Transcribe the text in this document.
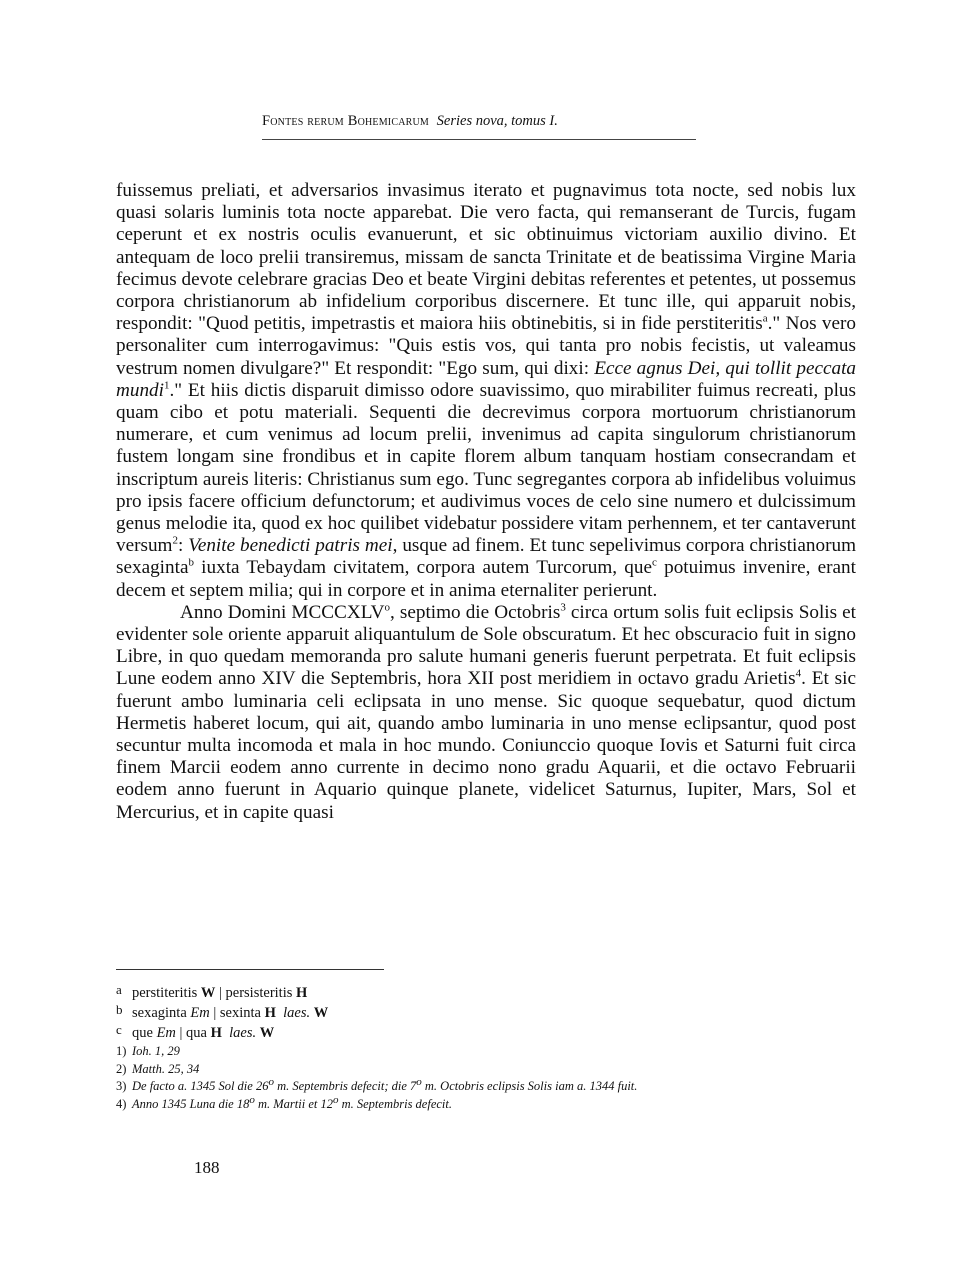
Fontes rerum Bohemicarum Series nova, tomus I.

fuissemus preliati, et adversarios invasimus iterato et pugnavimus tota nocte, sed nobis lux quasi solaris luminis tota nocte apparebat. Die vero facta, qui remanserant de Turcis, fugam ceperunt et ex nostris oculis evanuerunt, et sic obtinuimus victoriam auxilio divino. Et antequam de loco prelii transiremus, missam de sancta Trinitate et de beatissima Virgine Maria fecimus devote celebrare gracias Deo et beate Virgini debitas referentes et petentes, ut possemus corpora christianorum ab infidelium corporibus discernere. Et tunc ille, qui apparuit nobis, respondit: "Quod petitis, impetrastis et maiora hiis obtinebitis, si in fide perstiteritis$^a$." Nos vero personaliter cum interrogavimus: "Quis estis vos, qui tanta pro nobis fecistis, ut valeamus vestrum nomen divulgare?" Et respondit: "Ego sum, qui dixi: Ecce agnus Dei, qui tollit peccata mundi$^1$." Et hiis dictis disparuit dimisso odore suavissimo, quo mirabiliter fuimus recreati, plus quam cibo et potu materiali. Sequenti die decrevimus corpora mortuorum christianorum numerare, et cum venimus ad locum prelii, invenimus ad capita singulorum christianorum fustem longam sine frondibus et in capite florem album tanquam hostiam consecrandam et inscriptum aureis literis: Christianus sum ego. Tunc segregantes corpora ab infidelibus voluimus pro ipsis facere officium defunctorum; et audivimus voces de celo sine numero et dulcissimum genus melodie ita, quod ex hoc quilibet videbatur possidere vitam perhennem, et ter cantaverunt versum$^2$: Venite benedicti patris mei, usque ad finem. Et tunc sepelivimus corpora christianorum sexaginta$^b$ iuxta Tebaydam civitatem, corpora autem Turcorum, que$^c$ potuimus invenire, erant decem et septem milia; qui in corpore et in anima eternaliter perierunt.

Anno Domini MCCCXLV$^o$, septimo die Octobris$^3$ circa ortum solis fuit eclipsis Solis et evidenter sole oriente apparuit aliquantulum de Sole obscuratum. Et hec obscuracio fuit in signo Libre, in quo quedam memoranda pro salute humani generis fuerunt perpetrata. Et fuit eclipsis Lune eodem anno XIV die Septembris, hora XII post meridiem in octavo gradu Arietis$^4$. Et sic fuerunt ambo luminaria celi eclipsata in uno mense. Sic quoque sequebatur, quod dictum Hermetis haberet locum, qui ait, quando ambo luminaria in uno mense eclipsantur, quod post secuntur multa incomoda et mala in hoc mundo. Coniunccio quoque Iovis et Saturni fuit circa finem Marcii eodem anno currente in decimo nono gradu Aquarii, et die octavo Februarii eodem anno fuerunt in Aquario quinque planete, videlicet Saturnus, Iupiter, Mars, Sol et Mercurius, et in capite quasi

a perstiteritis W | persisteritis H
b sexaginta Em | sexinta H laes. W
c que Em | qua H laes. W
1) Ioh. 1, 29
2) Matth. 25, 34
3) De facto a. 1345 Sol die 26$^o$ m. Septembris defecit; die 7$^o$ m. Octobris eclipsis Solis iam a. 1344 fuit.
4) Anno 1345 Luna die 18$^o$ m. Martii et 12$^o$ m. Septembris defecit.
188
